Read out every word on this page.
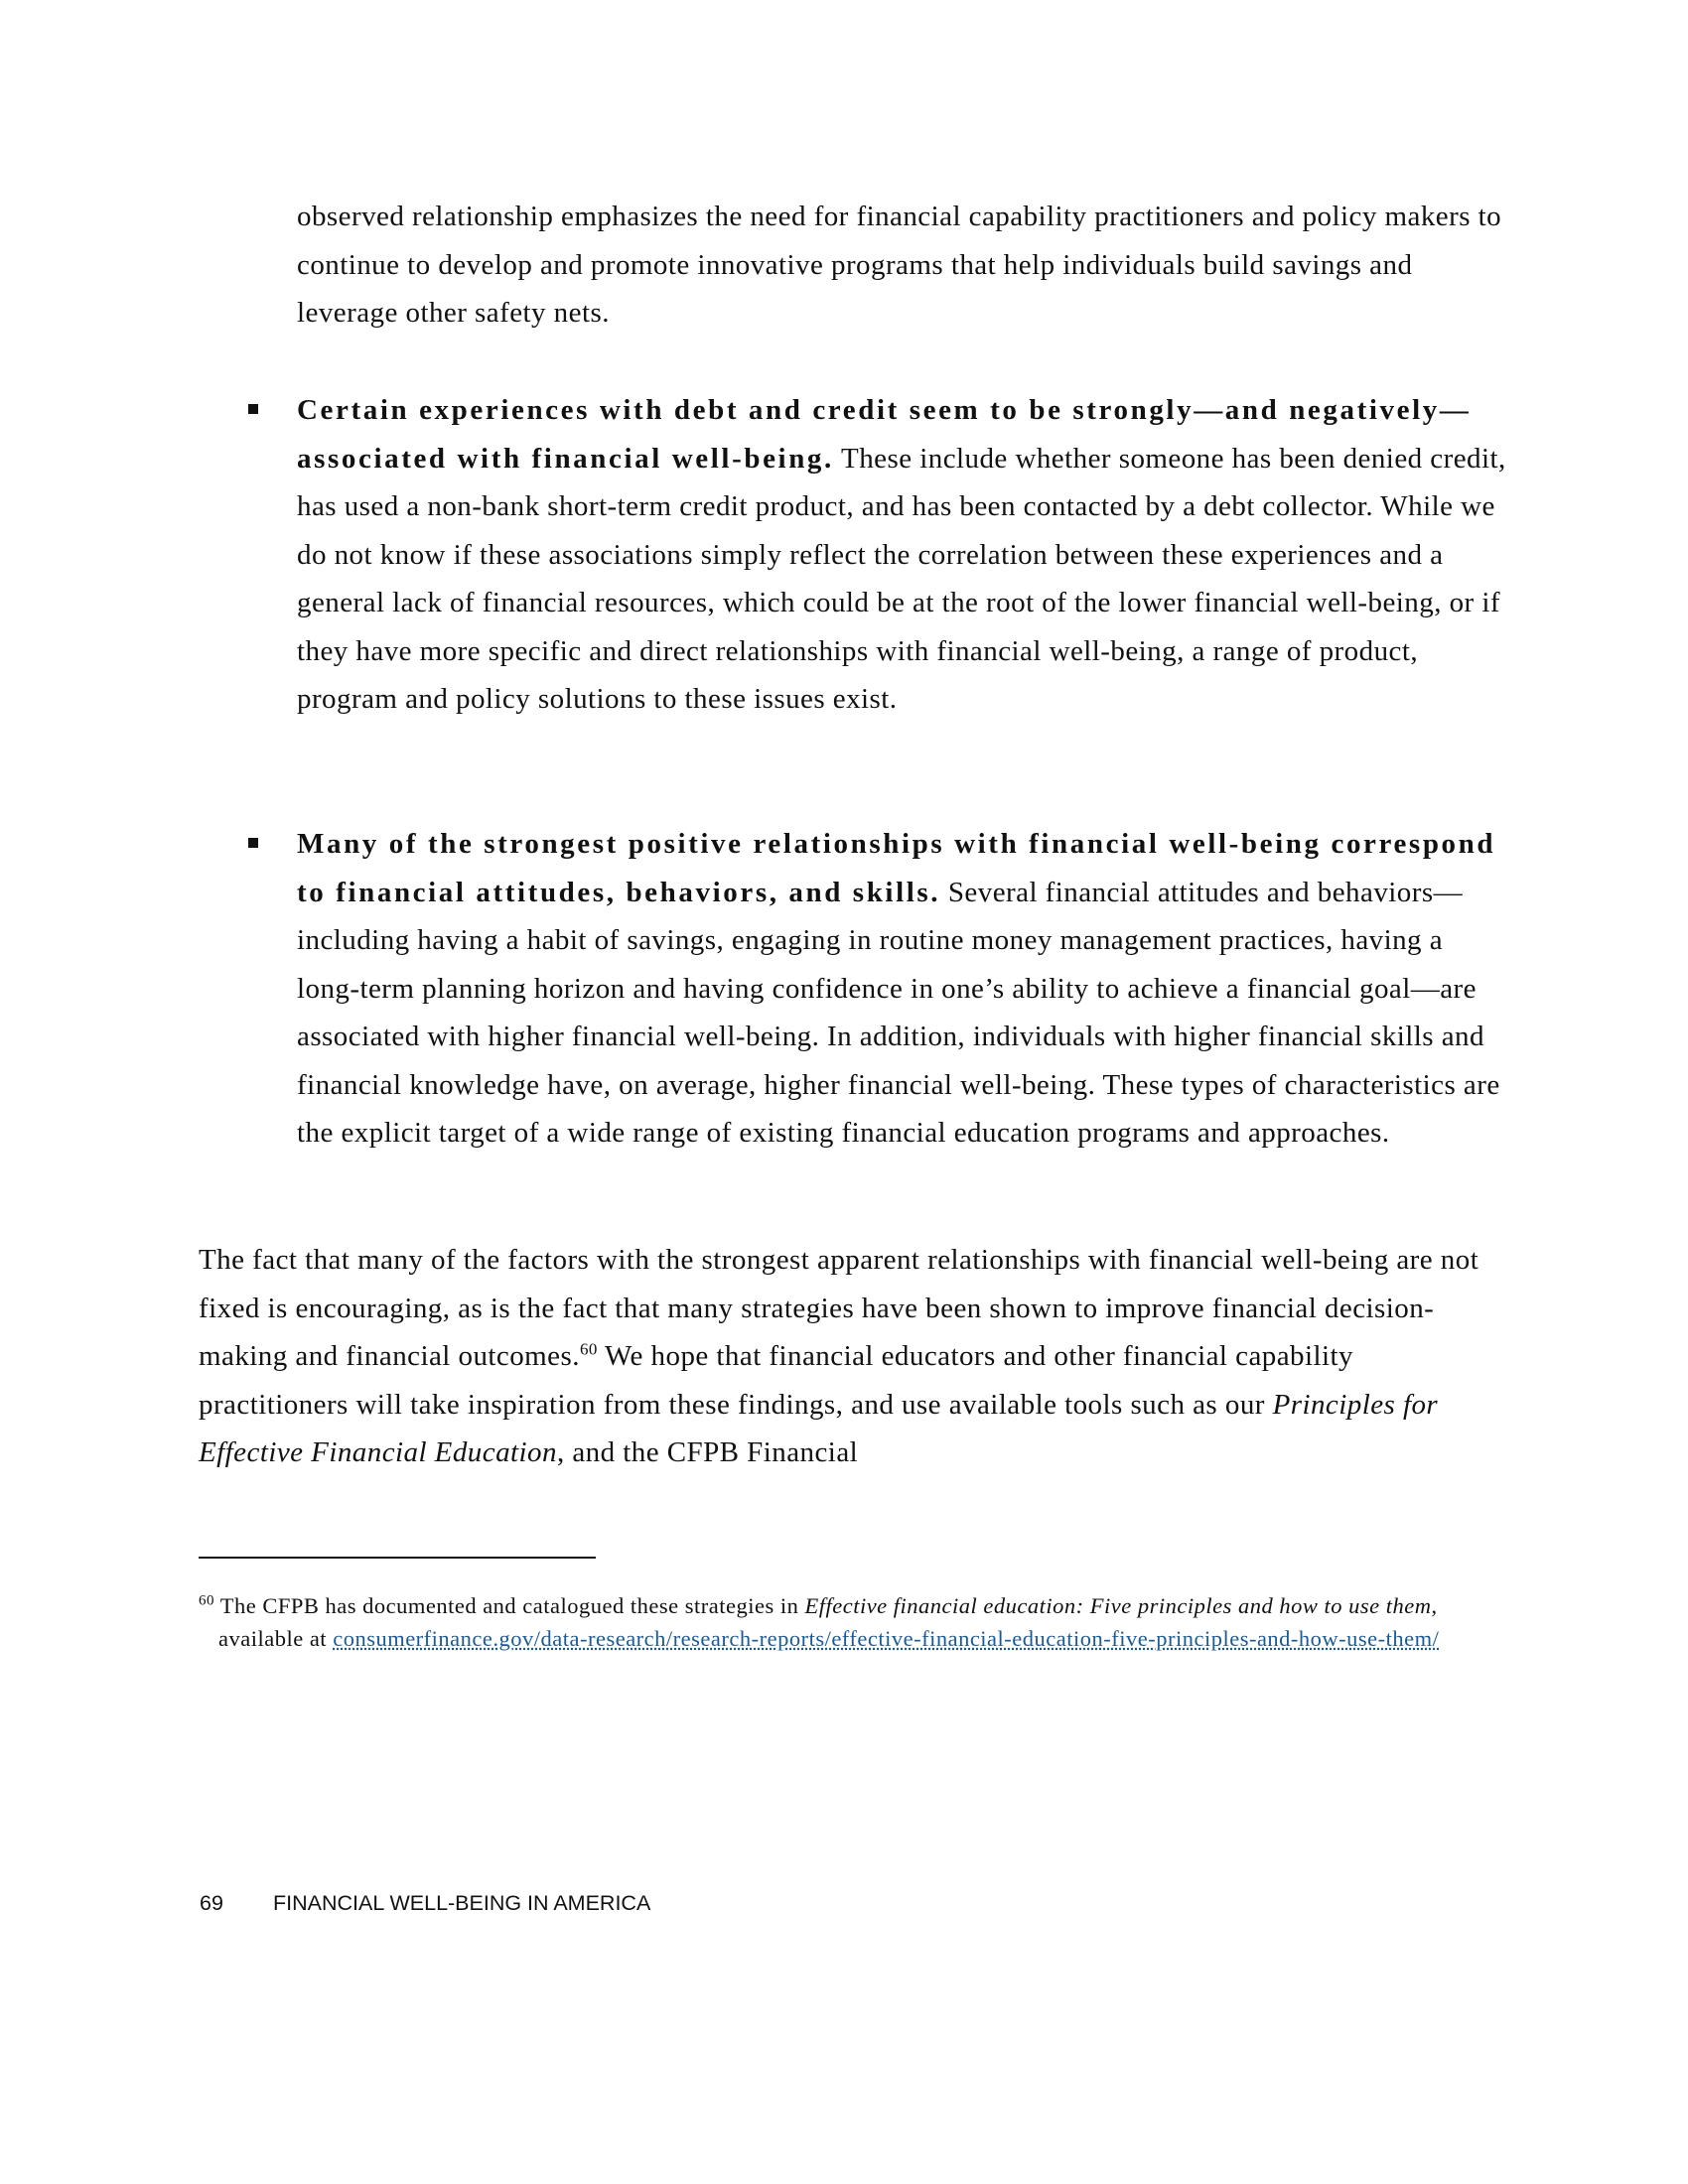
observed relationship emphasizes the need for financial capability practitioners and policy makers to continue to develop and promote innovative programs that help individuals build savings and leverage other safety nets.

Certain experiences with debt and credit seem to be strongly—and negatively—associated with financial well-being. These include whether someone has been denied credit, has used a non-bank short-term credit product, and has been contacted by a debt collector. While we do not know if these associations simply reflect the correlation between these experiences and a general lack of financial resources, which could be at the root of the lower financial well-being, or if they have more specific and direct relationships with financial well-being, a range of product, program and policy solutions to these issues exist.

Many of the strongest positive relationships with financial well-being correspond to financial attitudes, behaviors, and skills. Several financial attitudes and behaviors—including having a habit of savings, engaging in routine money management practices, having a long-term planning horizon and having confidence in one’s ability to achieve a financial goal—are associated with higher financial well-being. In addition, individuals with higher financial skills and financial knowledge have, on average, higher financial well-being. These types of characteristics are the explicit target of a wide range of existing financial education programs and approaches.

The fact that many of the factors with the strongest apparent relationships with financial well-being are not fixed is encouraging, as is the fact that many strategies have been shown to improve financial decision-making and financial outcomes.$^{60}$ We hope that financial educators and other financial capability practitioners will take inspiration from these findings, and use available tools such as our Principles for Effective Financial Education, and the CFPB Financial

$^{60}$ The CFPB has documented and catalogued these strategies in Effective financial education: Five principles and how to use them, available at consumerfinance.gov/data-research/research-reports/effective-financial-education-five-principles-and-how-use-them/

69 FINANCIAL WELL-BEING IN AMERICA
